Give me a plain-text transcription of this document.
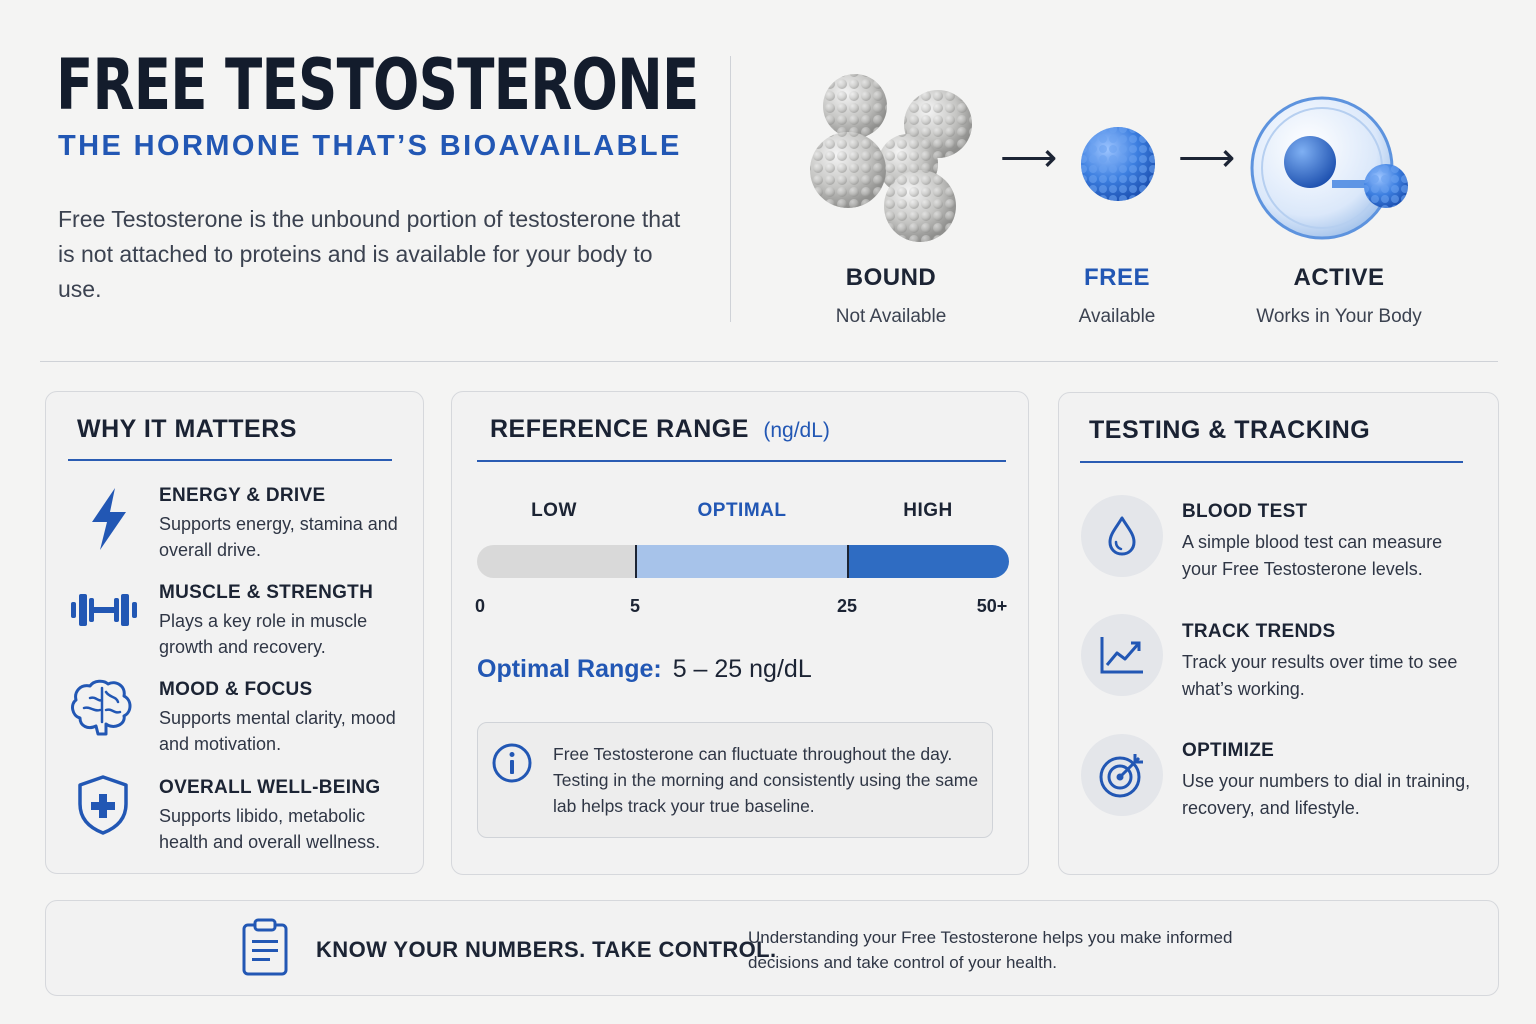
FREE TESTOSTERONE
THE HORMONE THAT’S BIOAVAILABLE
Free Testosterone is the unbound portion of testosterone that is not attached to proteins and is available for your body to use.
⟶	⟶
BOUND
Not Available
FREE
Available
ACTIVE
Works in Your Body
WHY IT MATTERS
ENERGY & DRIVE
Supports energy, stamina and overall drive.
MUSCLE & STRENGTH
Plays a key role in muscle growth and recovery.
MOOD & FOCUS
Supports mental clarity, mood and motivation.
OVERALL WELL-BEING
Supports libido, metabolic health and overall wellness.
REFERENCE RANGE (ng/dL)
LOW	OPTIMAL	HIGH
0	5	25	50+
Optimal Range: 5 – 25 ng/dL
Free Testosterone can fluctuate throughout the day. Testing in the morning and consistently using the same lab helps track your true baseline.
TESTING & TRACKING
BLOOD TEST
A simple blood test can measure your Free Testosterone levels.
TRACK TRENDS
Track your results over time to see what’s working.
OPTIMIZE
Use your numbers to dial in training, recovery, and lifestyle.
KNOW YOUR NUMBERS. TAKE CONTROL.
Understanding your Free Testosterone helps you make informed decisions and take control of your health.
